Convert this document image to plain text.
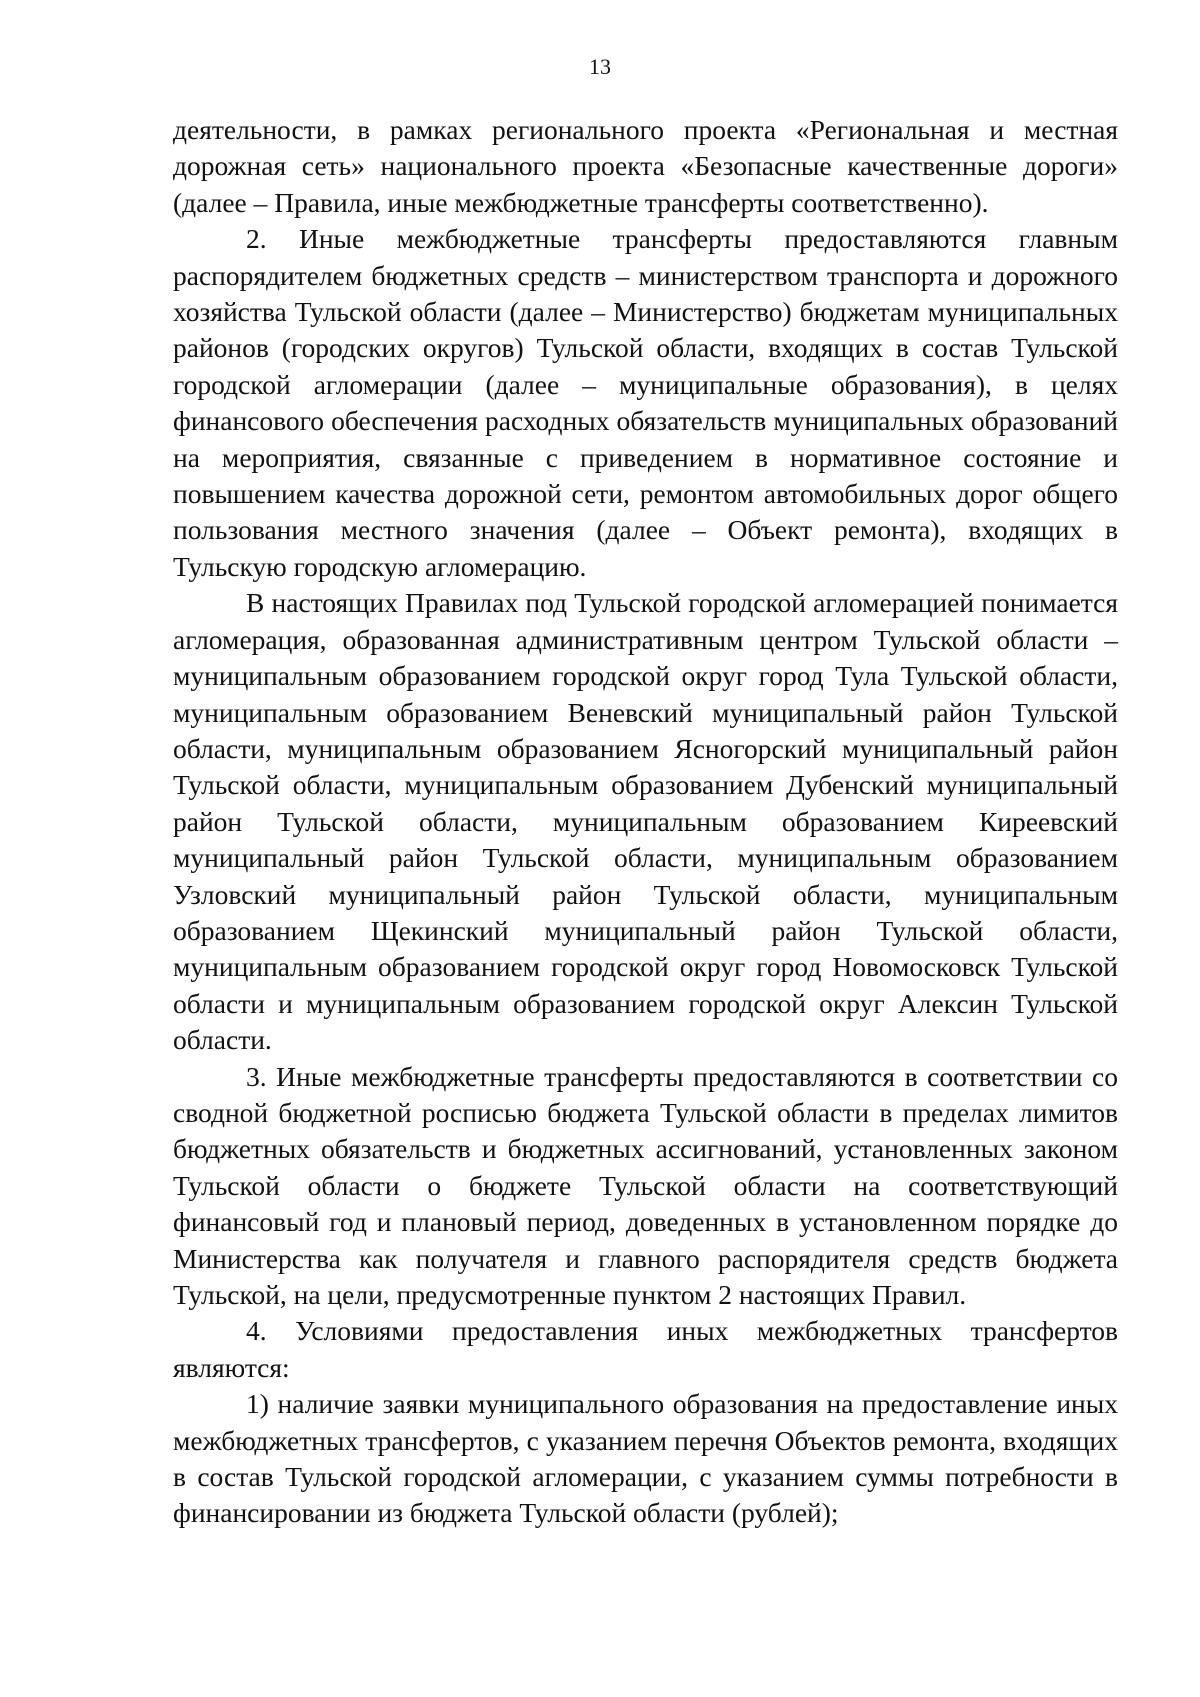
13

деятельности, в рамках регионального проекта «Региональная и местная дорожная сеть» национального проекта «Безопасные качественные дороги» (далее – Правила, иные межбюджетные трансферты соответственно).

2. Иные межбюджетные трансферты предоставляются главным распорядителем бюджетных средств – министерством транспорта и дорожного хозяйства Тульской области (далее – Министерство) бюджетам муниципальных районов (городских округов) Тульской области, входящих в состав Тульской городской агломерации (далее – муниципальные образования), в целях финансового обеспечения расходных обязательств муниципальных образований на мероприятия, связанные с приведением в нормативное состояние и повышением качества дорожной сети, ремонтом автомобильных дорог общего пользования местного значения (далее – Объект ремонта), входящих в Тульскую городскую агломерацию.

В настоящих Правилах под Тульской городской агломерацией понимается агломерация, образованная административным центром Тульской области – муниципальным образованием городской округ город Тула Тульской области, муниципальным образованием Веневский муниципальный район Тульской области, муниципальным образованием Ясногорский муниципальный район Тульской области, муниципальным образованием Дубенский муниципальный район Тульской области, муниципальным образованием Киреевский муниципальный район Тульской области, муниципальным образованием Узловский муниципальный район Тульской области, муниципальным образованием Щекинский муниципальный район Тульской области, муниципальным образованием городской округ город Новомосковск Тульской области и муниципальным образованием городской округ Алексин Тульской области.

3. Иные межбюджетные трансферты предоставляются в соответствии со сводной бюджетной росписью бюджета Тульской области в пределах лимитов бюджетных обязательств и бюджетных ассигнований, установленных законом Тульской области о бюджете Тульской области на соответствующий финансовый год и плановый период, доведенных в установленном порядке до Министерства как получателя и главного распорядителя средств бюджета Тульской, на цели, предусмотренные пунктом 2 настоящих Правил.

4. Условиями предоставления иных межбюджетных трансфертов являются:

1) наличие заявки муниципального образования на предоставление иных межбюджетных трансфертов, с указанием перечня Объектов ремонта, входящих в состав Тульской городской агломерации, с указанием суммы потребности в финансировании из бюджета Тульской области (рублей);
